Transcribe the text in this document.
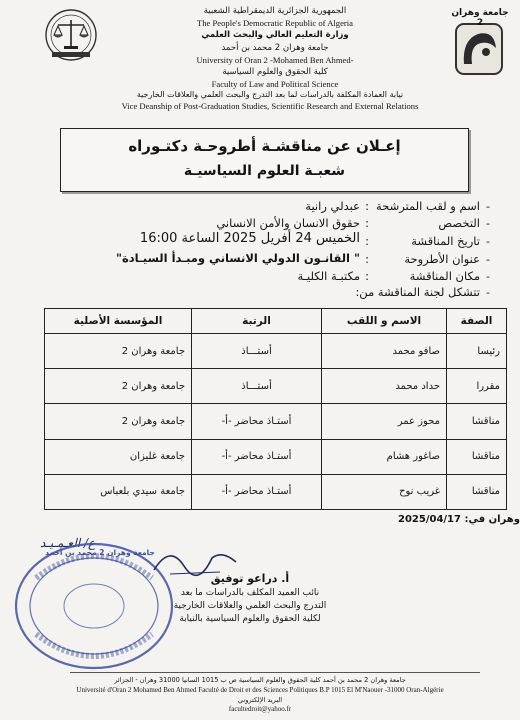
جامعة وهران 2
الجمهورية الجزائرية الديمقراطية الشعبية
The People's Democratic Republic of Algeria
وزارة التعليم العالي والبحث العلمي
جامعة وهران 2 محمد بن أحمد
University of Oran 2 -Mohamed Ben Ahmed-
كلية الحقوق والعلوم السياسية
Faculty of Law and Political Science
نيابة العمادة المكلفة بالدراسات لما بعد التدرج والبحث العلمي والعلاقات الخارجية
Vice Deanship of Post-Graduation Studies, Scientific Research and External Relations
إعـلان عن مناقشـة أطروحـة دكتـوراه
شعبـة العلوم السياسيـة
-
اسم و لقب المترشحة
:
عبدلي رانية
-
التخصص
:
حقوق الانسان والأمن الانساني
-
تاريخ المناقشة
:
الخميس 24 أفريل 2025 الساعة 16:00
-
عنوان الأطروحة
:
" القانـون الدولي الانساني ومبـدأ السيـادة"
-
مكان المناقشة
:
مكتبـة الكليـة
-
تتشكل لجنة المناقشة من:
الصفة	الاسم و اللقب	الرتبة	المؤسسة الأصلية
رئيسا	صافو محمد	أستـــاذ	جامعة وهران 2
مقررا	حداد محمد	أستـــاذ	جامعة وهران 2
مناقشا	محوز عمر	أستـاذ محاضر -أ-	جامعة وهران 2
مناقشا	صاغور هشام	أستـاذ محاضر -أ-	جامعة غليزان
مناقشا	غريب نوح	أستـاذ محاضر -أ-	جامعة سيدي بلعباس
وهران في: 2025/04/17
ع/ العـمـيـد
جامعة وهران 2 محمد بن أحمد
أ. دراعو توفيق
نائب العميد المكلف بالدراسات ما بعد
التدرج والبحث العلمي والعلاقات الخارجية
لكلية الحقوق والعلوم السياسية بالنيابة
جامعة وهران 2 محمد بن أحمد كلية الحقوق والعلوم السياسية ص ب 1015 السانيا 31000 وهران - الجزائر
Université d'Oran 2 Mohamed Ben Ahmed Faculté de Droit et des Sciences Politiques B.P 1015 El M'Naouer -31000 Oran-Algérie
البريد الإلكتروني
facultedroit@yahoo.fr
